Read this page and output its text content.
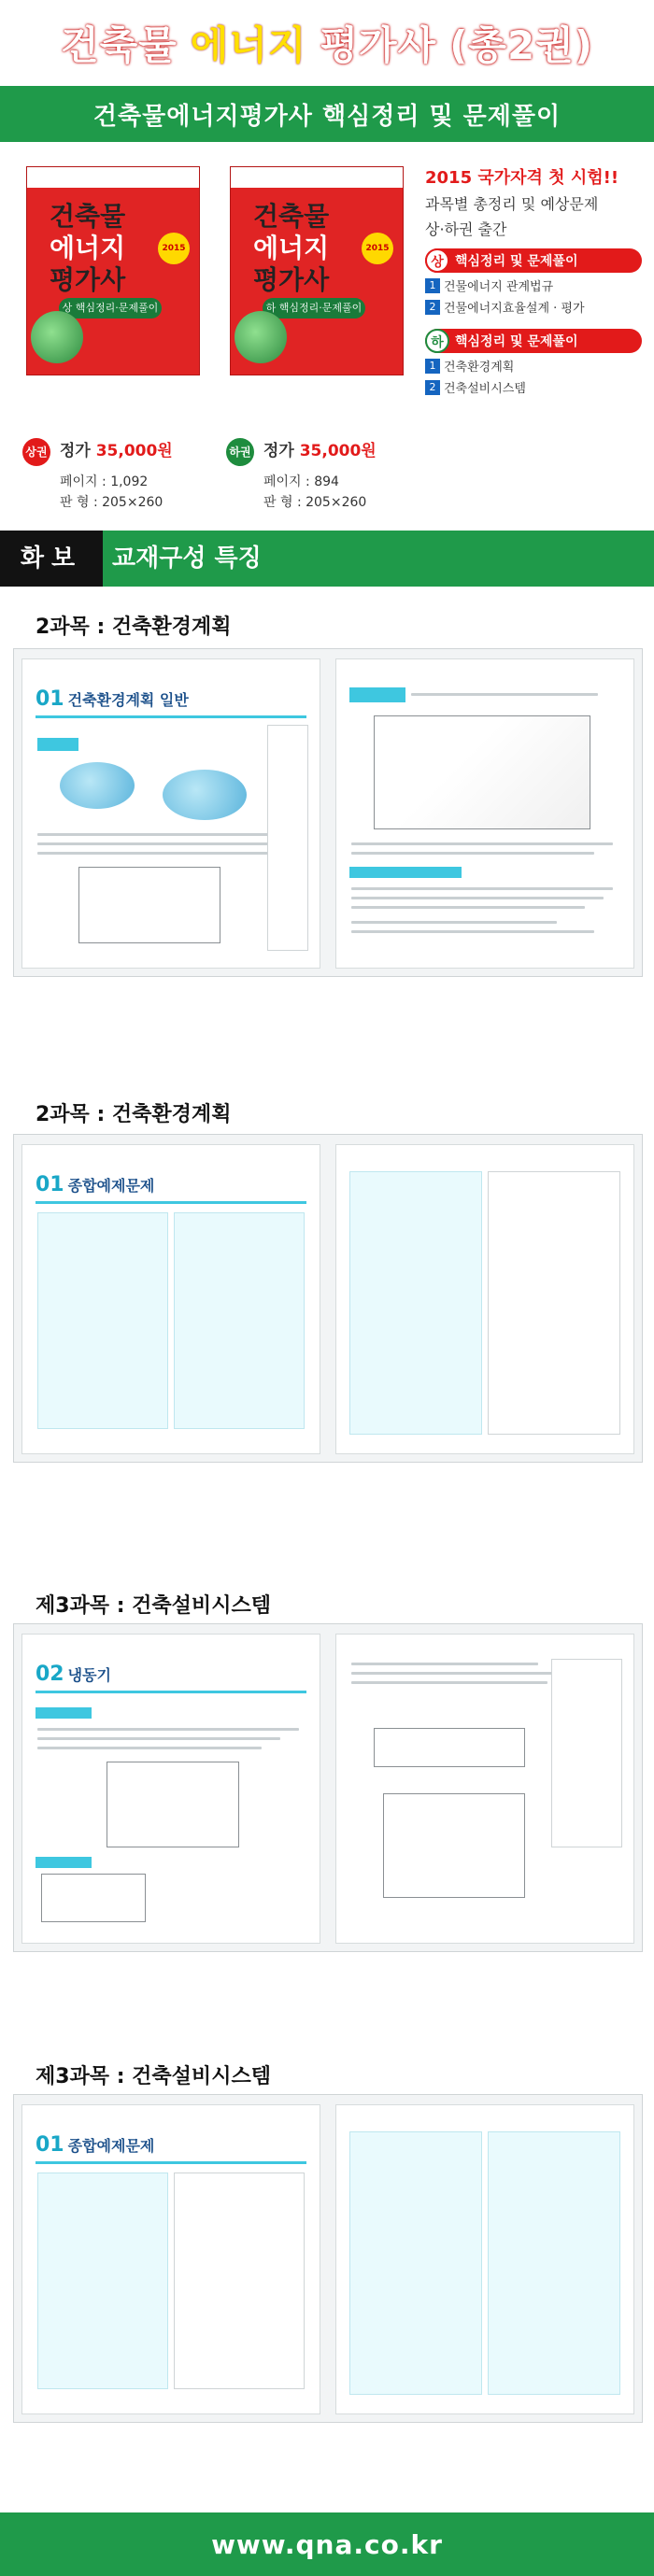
건축물 에너지 평가사 (총2권)
건축물에너지평가사 핵심정리 및 문제풀이
건축물
에너지
평가사
2015
상 핵심정리·문제풀이
건축물
에너지
평가사
2015
하 핵심정리·문제풀이
상권 정가 35,000원
페이지 : 1,092
판 형 : 205×260
하권 정가 35,000원
페이지 : 894
판 형 : 205×260
2015 국가자격 첫 시험!!
과목별 총정리 및 예상문제
상·하권 출간
상 핵심정리 및 문제풀이
1 건물에너지 관계법규
2 건물에너지효율설계 · 평가
하 핵심정리 및 문제풀이
1 건축환경계획
2 건축설비시스템
화보	교재구성 특징
2과목 : 건축환경계획
01 건축환경계획 일반
2과목 : 건축환경계획
01 종합예제문제
제3과목 : 건축설비시스템
02 냉동기
제3과목 : 건축설비시스템
01 종합예제문제
www.qna.co.kr
